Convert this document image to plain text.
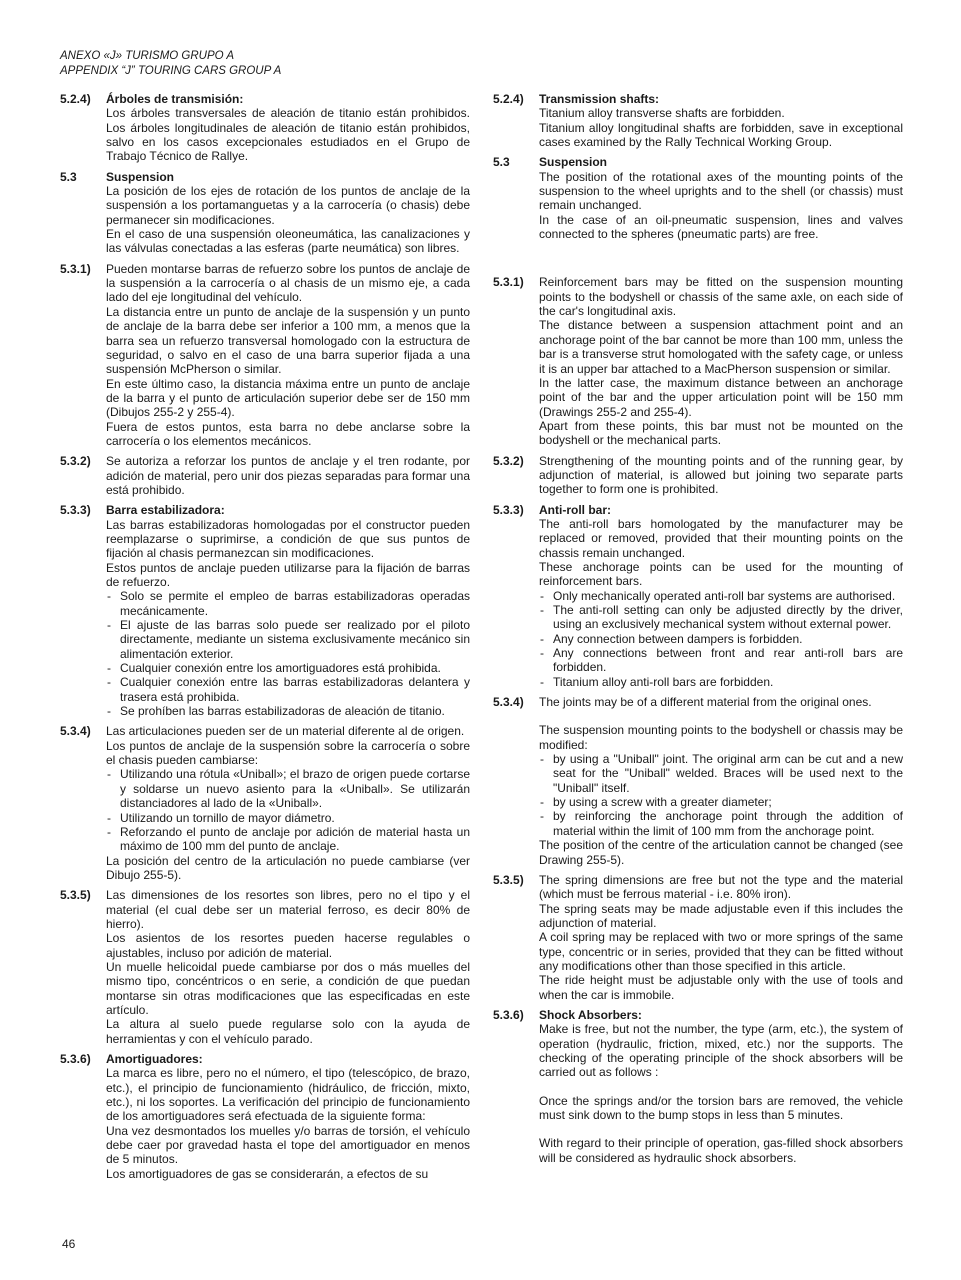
ANEXO «J» TURISMO GRUPO A
APPENDIX “J” TOURING CARS GROUP A
5.2.4)	Árboles de transmisión:

Los árboles transversales de aleación de titanio están prohibidos. Los árboles longitudinales de aleación de titanio están prohibidos, salvo en los casos excepcionales estudiados en el Grupo de Trabajo Técnico de Rallye.

5.3	Suspension

La posición de los ejes de rotación de los puntos de anclaje de la suspensión a los portamanguetas y a la carrocería (o chasis) debe permanecer sin modificaciones.

En el caso de una suspensión oleoneumática, las canalizaciones y las válvulas conectadas a las esferas (parte neumática) son libres.

5.3.1)	Pueden montarse barras de refuerzo sobre los puntos de anclaje de la suspensión a la carrocería o al chasis de un mismo eje, a cada lado del eje longitudinal del vehículo.

La distancia entre un punto de anclaje de la suspensión y un punto de anclaje de la barra debe ser inferior a 100 mm, a menos que la barra sea un refuerzo transversal homologado con la estructura de seguridad, o salvo en el caso de una barra superior fijada a una suspensión McPherson o similar.

En este último caso, la distancia máxima entre un punto de anclaje de la barra y el punto de articulación superior debe ser de 150 mm (Dibujos 255-2 y 255-4).

Fuera de estos puntos, esta barra no debe anclarse sobre la carrocería o los elementos mecánicos.

5.3.2)	Se autoriza a reforzar los puntos de anclaje y el tren rodante, por adición de material, pero unir dos piezas separadas para formar una está prohibido.

5.3.3)	Barra estabilizadora:

Las barras estabilizadoras homologadas por el constructor pueden reemplazarse o suprimirse, a condición de que sus puntos de fijación al chasis permanezcan sin modificaciones.

Estos puntos de anclaje pueden utilizarse para la fijación de barras de refuerzo.

- Solo se permite el empleo de barras estabilizadoras operadas mecánicamente.
- El ajuste de las barras solo puede ser realizado por el piloto directamente, mediante un sistema exclusivamente mecánico sin alimentación exterior.
- Cualquier conexión entre los amortiguadores está prohibida.
- Cualquier conexión entre las barras estabilizadoras delantera y trasera está prohibida.
- Se prohíben las barras estabilizadoras de aleación de titanio.
5.3.4)	Las articulaciones pueden ser de un material diferente al de origen.

Los puntos de anclaje de la suspensión sobre la carrocería o sobre el chasis pueden cambiarse:

- Utilizando una rótula «Uniball»; el brazo de origen puede cortarse y soldarse un nuevo asiento para la «Uniball». Se utilizarán distanciadores al lado de la «Uniball».
- Utilizando un tornillo de mayor diámetro.
- Reforzando el punto de anclaje por adición de material hasta un máximo de 100 mm del punto de anclaje.

La posición del centro de la articulación no puede cambiarse (ver Dibujo 255-5).

5.3.5)	Las dimensiones de los resortes son libres, pero no el tipo y el material (el cual debe ser un material ferroso, es decir 80% de hierro).

Los asientos de los resortes pueden hacerse regulables o ajustables, incluso por adición de material.

Un muelle helicoidal puede cambiarse por dos o más muelles del mismo tipo, concéntricos o en serie, a condición de que puedan montarse sin otras modificaciones que las especificadas en este artículo.

La altura al suelo puede regularse solo con la ayuda de herramientas y con el vehículo parado.

5.3.6)	Amortiguadores:

La marca es libre, pero no el número, el tipo (telescópico, de brazo, etc.), el principio de funcionamiento (hidráulico, de fricción, mixto, etc.), ni los soportes. La verificación del principio de funcionamiento de los amortiguadores será efectuada de la siguiente forma:

Una vez desmontados los muelles y/o barras de torsión, el vehículo debe caer por gravedad hasta el tope del amortiguador en menos de 5 minutos.

Los amortiguadores de gas se considerarán, a efectos de su

5.2.4)	Transmission shafts:

Titanium alloy transverse shafts are forbidden.

Titanium alloy longitudinal shafts are forbidden, save in exceptional cases examined by the Rally Technical Working Group.

5.3	Suspension

The position of the rotational axes of the mounting points of the suspension to the wheel uprights and to the shell (or chassis) must remain unchanged.

In the case of an oil-pneumatic suspension, lines and valves connected to the spheres (pneumatic parts) are free.

5.3.1)	Reinforcement bars may be fitted on the suspension mounting points to the bodyshell or chassis of the same axle, on each side of the car's longitudinal axis.

The distance between a suspension attachment point and an anchorage point of the bar cannot be more than 100 mm, unless the bar is a transverse strut homologated with the safety cage, or unless it is an upper bar attached to a MacPherson suspension or similar.

In the latter case, the maximum distance between an anchorage point of the bar and the upper articulation point will be 150 mm (Drawings 255-2 and 255-4).

Apart from these points, this bar must not be mounted on the bodyshell or the mechanical parts.

5.3.2)	Strengthening of the mounting points and of the running gear, by adjunction of material, is allowed but joining two separate parts together to form one is prohibited.

5.3.3)	Anti-roll bar:

The anti-roll bars homologated by the manufacturer may be replaced or removed, provided that their mounting points on the chassis remain unchanged.

These anchorage points can be used for the mounting of reinforcement bars.

- Only mechanically operated anti-roll bar systems are authorised.
- The anti-roll setting can only be adjusted directly by the driver, using an exclusively mechanical system without external power.
- Any connection between dampers is forbidden.
- Any connections between front and rear anti-roll bars are forbidden.
- Titanium alloy anti-roll bars are forbidden.
5.3.4)	The joints may be of a different material from the original ones.

The suspension mounting points to the bodyshell or chassis may be modified:

- by using a "Uniball" joint. The original arm can be cut and a new seat for the "Uniball" welded. Braces will be used next to the "Uniball" itself.
- by using a screw with a greater diameter;
- by reinforcing the anchorage point through the addition of material within the limit of 100 mm from the anchorage point.

The position of the centre of the articulation cannot be changed (see Drawing 255-5).

5.3.5)	The spring dimensions are free but not the type and the material (which must be ferrous material - i.e. 80% iron).

The spring seats may be made adjustable even if this includes the adjunction of material.

A coil spring may be replaced with two or more springs of the same type, concentric or in series, provided that they can be fitted without any modifications other than those specified in this article.

The ride height must be adjustable only with the use of tools and when the car is immobile.

5.3.6)	Shock Absorbers:

Make is free, but not the number, the type (arm, etc.), the system of operation (hydraulic, friction, mixed, etc.) nor the supports. The checking of the operating principle of the shock absorbers will be carried out as follows :

Once the springs and/or the torsion bars are removed, the vehicle must sink down to the bump stops in less than 5 minutes.

With regard to their principle of operation, gas-filled shock absorbers will be considered as hydraulic shock absorbers.

46
